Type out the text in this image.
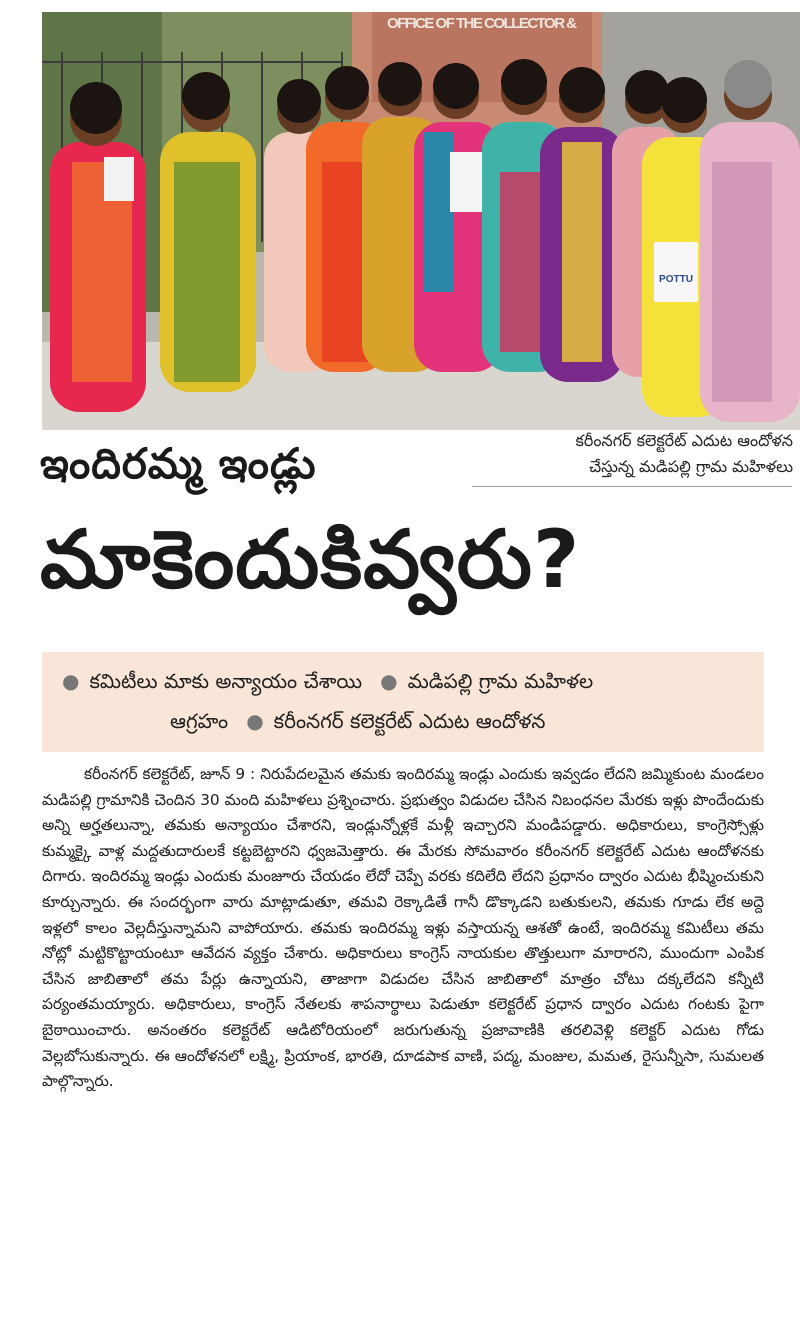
OFFICE OF THE COLLECTOR &
POTTU
కరీంనగర్ కలెక్టరేట్ ఎదుట ఆందోళన
చేస్తున్న మడిపల్లి గ్రామ మహిళలు
ఇందిరమ్మ ఇండ్లు
మాకెందుకివ్వరు?
● కమిటీలు మాకు అన్యాయం చేశాయి ● మడిపల్లి గ్రామ మహిళల
ఆగ్రహం ● కరీంనగర్ కలెక్టరేట్ ఎదుట ఆందోళన

కరీంనగర్ కలెక్టరేట్, జూన్ 9 : నిరుపేదలమైన తమకు ఇందిరమ్మ ఇండ్లు ఎందుకు ఇవ్వడం లేదని జమ్మికుంట మండలం మడిపల్లి గ్రామానికి చెందిన 30 మంది మహిళలు ప్రశ్నించారు. ప్రభుత్వం విడుదల చేసిన నిబంధనల మేరకు ఇళ్లు పొందేందుకు అన్ని అర్హతలున్నా, తమకు అన్యాయం చేశారని, ఇండ్లున్నోళ్లకే మళ్లీ ఇచ్చారని మండిపడ్డారు. అధికారులు, కాంగ్రెస్సోళ్లు కుమ్మక్కై వాళ్ల మద్దతుదారులకే కట్టబెట్టారని ధ్వజమెత్తారు. ఈ మేరకు సోమవారం కరీంనగర్ కలెక్టరేట్ ఎదుట ఆందోళనకు దిగారు. ఇందిరమ్మ ఇండ్లు ఎందుకు మంజూరు చేయడం లేదో చెప్పే వరకు కదిలేది లేదని ప్రధానం ద్వారం ఎదుట భీష్మించుకుని కూర్చున్నారు. ఈ సందర్భంగా వారు మాట్లాడుతూ, తమవి రెక్కాడితే గానీ డొక్కాడని బతుకులని, తమకు గూడు లేక అద్దె ఇళ్లలో కాలం వెల్లదీస్తున్నామని వాపోయారు. తమకు ఇందిరమ్మ ఇళ్లు వస్తాయన్న ఆశతో ఉంటే, ఇందిరమ్మ కమిటీలు తమ నోట్లో మట్టికొట్టాయంటూ ఆవేదన వ్యక్తం చేశారు. అధికారులు కాంగ్రెస్ నాయకుల తొత్తులుగా మారారని, ముందుగా ఎంపిక చేసిన జాబితాలో తమ పేర్లు ఉన్నాయని, తాజాగా విడుదల చేసిన జాబితాలో మాత్రం చోటు దక్కలేదని కన్నీటి పర్యంతమయ్యారు. అధికారులు, కాంగ్రెస్ నేతలకు శాపనార్థాలు పెడుతూ కలెక్టరేట్ ప్రధాన ద్వారం ఎదుట గంటకు పైగా బైఠాయించారు. అనంతరం కలెక్టరేట్ ఆడిటోరియంలో జరుగుతున్న ప్రజావాణికి తరలివెళ్లి కలెక్టర్ ఎదుట గోడు వెల్లబోసుకున్నారు. ఈ ఆందోళనలో లక్ష్మి, ప్రియాంక, భారతి, దూడపాక వాణి, పద్మ, మంజుల, మమత, రైసున్నీసా, సుమలత పాల్గొన్నారు.
